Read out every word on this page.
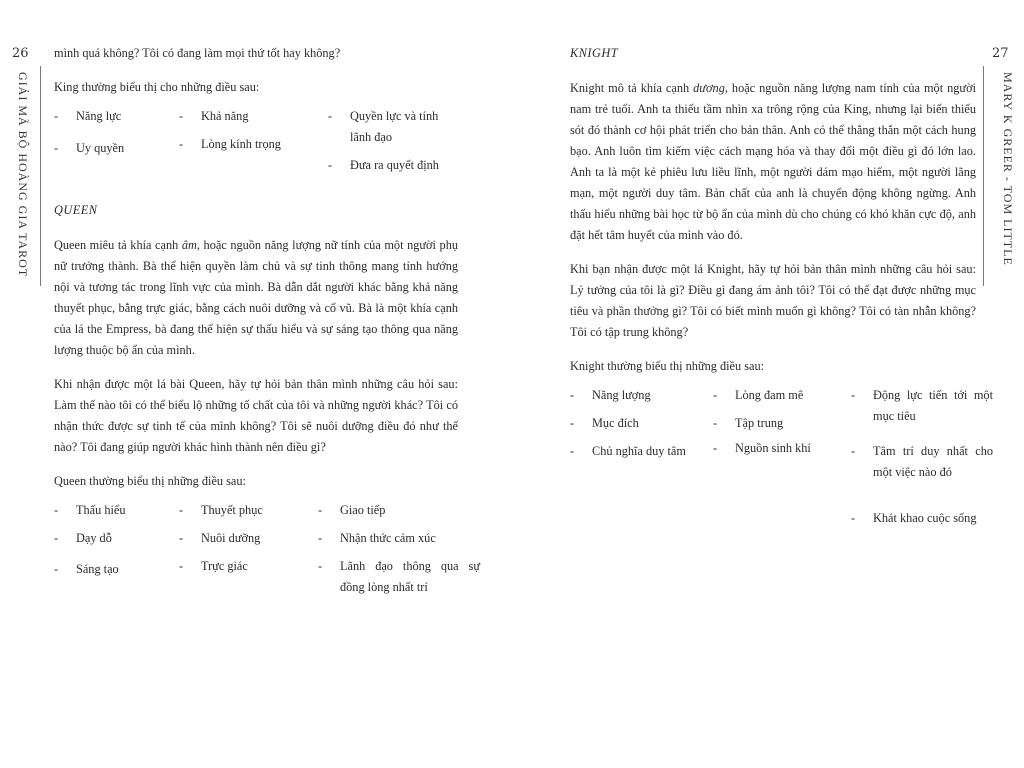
26
GIẢI MÃ BỘ HOÀNG GIA TAROT

mình quá không? Tôi có đang làm mọi thứ tốt hay không?

King thường biểu thị cho những điều sau:

- Năng lực
- Uy quyền
- Khả năng
- Lòng kính trọng
- Quyền lực và tính lãnh đạo
- Đưa ra quyết định

QUEEN

Queen miêu tả khía cạnh âm, hoặc nguồn năng lượng nữ tính của một người phụ nữ trưởng thành. Bà thể hiện quyền làm chủ và sự tinh thông mang tính hướng nội và tương tác trong lĩnh vực của mình. Bà dẫn dắt người khác bằng khả năng thuyết phục, bằng trực giác, bằng cách nuôi dưỡng và cổ vũ. Bà là một khía cạnh của lá the Empress, bà đang thể hiện sự thấu hiểu và sự sáng tạo thông qua năng lượng thuộc bộ ẩn của mình.

Khi nhận được một lá bài Queen, hãy tự hỏi bản thân mình những câu hỏi sau: Làm thế nào tôi có thể biểu lộ những tố chất của tôi và những người khác? Tôi có nhận thức được sự tinh tế của mình không? Tôi sẽ nuôi dưỡng điều đó như thế nào? Tôi đang giúp người khác hình thành nên điều gì?

Queen thường biểu thị những điều sau:

- Thấu hiểu
- Dạy dỗ
- Sáng tạo
- Thuyết phục
- Nuôi dưỡng
- Trực giác
- Giao tiếp
- Nhận thức cảm xúc
- Lãnh đạo thông qua sự đồng lòng nhất trí
27
MARY K GREER - TOM LITTLE

KNIGHT

Knight mô tả khía cạnh dương, hoặc nguồn năng lượng nam tính của một người nam trẻ tuổi. Anh ta thiếu tầm nhìn xa trông rộng của King, nhưng lại biến thiếu sót đó thành cơ hội phát triển cho bản thân. Anh có thể thẳng thắn một cách hung bạo. Anh luôn tìm kiếm việc cách mạng hóa và thay đổi một điều gì đó lớn lao. Anh ta là một kẻ phiêu lưu liều lĩnh, một người dám mạo hiểm, một người lãng mạn, một người duy tâm. Bản chất của anh là chuyển động không ngừng. Anh thấu hiểu những bài học từ bộ ẩn của mình dù cho chúng có khó khăn cực độ, anh đặt hết tâm huyết của mình vào đó.

Khi bạn nhận được một lá Knight, hãy tự hỏi bản thân mình những câu hỏi sau: Lý tưởng của tôi là gì? Điều gì đang ám ảnh tôi? Tôi có thể đạt được những mục tiêu và phần thưởng gì? Tôi có biết mình muốn gì không? Tôi có tàn nhẫn không? Tôi có tập trung không?

Knight thường biểu thị những điều sau:

- Năng lượng
- Mục đích
- Chủ nghĩa duy tâm
- Lòng đam mê
- Tập trung
- Nguồn sinh khí
- Động lực tiến tới một mục tiêu
- Tâm trí duy nhất cho một việc nào đó
- Khát khao cuộc sống
